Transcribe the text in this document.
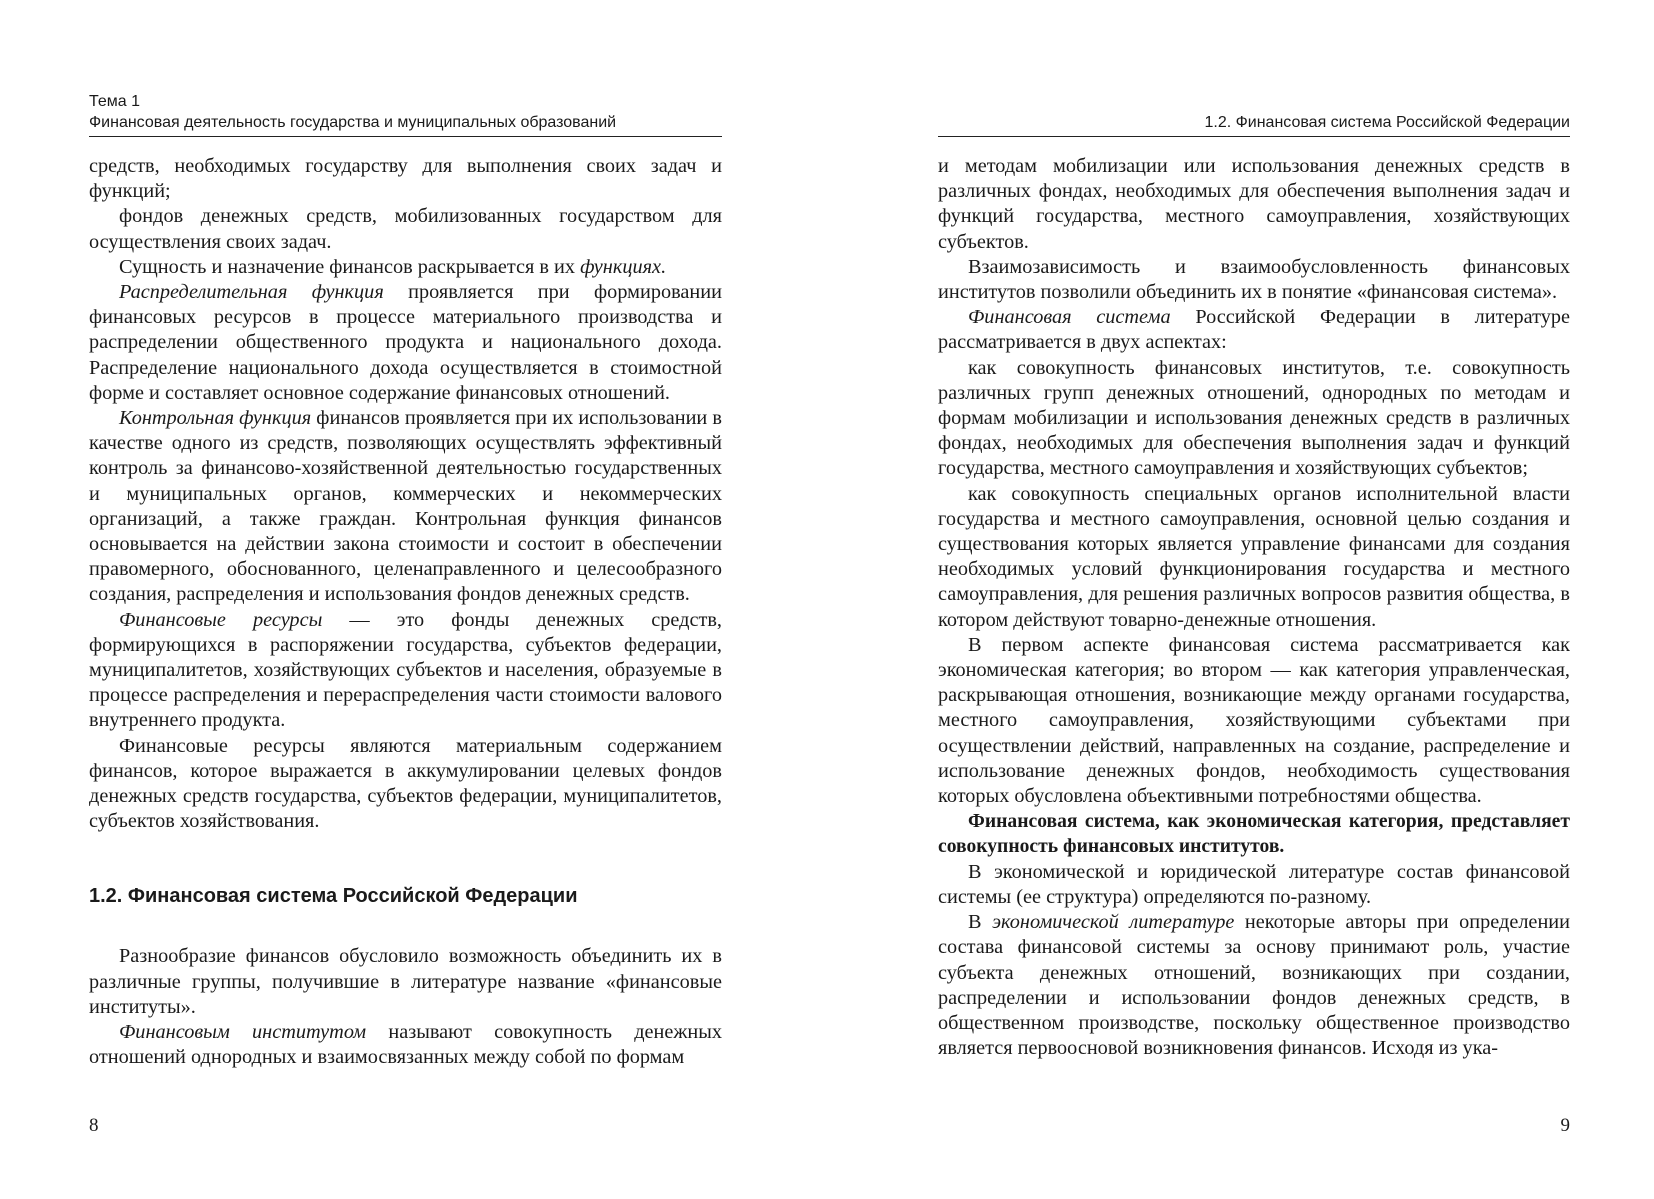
Тема 1
Финансовая деятельность государства и муниципальных образований

средств, необходимых государству для выполнения своих задач и функций;

фондов денежных средств, мобилизованных государством для осуществления своих задач.

Сущность и назначение финансов раскрывается в их функциях.

Распределительная функция проявляется при формировании финансовых ресурсов в процессе материального производства и распределении общественного продукта и национального дохода. Распределение национального дохода осуществляется в стоимостной форме и составляет основное содержание финансовых отношений.

Контрольная функция финансов проявляется при их использовании в качестве одного из средств, позволяющих осуществлять эффективный контроль за финансово-хозяйственной деятельностью государственных и муниципальных органов, коммерческих и некоммерческих организаций, а также граждан. Контрольная функция финансов основывается на действии закона стоимости и состоит в обеспечении правомерного, обоснованного, целенаправленного и целесообразного создания, распределения и использования фондов денежных средств.

Финансовые ресурсы — это фонды денежных средств, формирующихся в распоряжении государства, субъектов федерации, муниципалитетов, хозяйствующих субъектов и населения, образуемые в процессе распределения и перераспределения части стоимости валового внутреннего продукта.

Финансовые ресурсы являются материальным содержанием финансов, которое выражается в аккумулировании целевых фондов денежных средств государства, субъектов федерации, муниципалитетов, субъектов хозяйствования.

1.2. Финансовая система Российской Федерации

Разнообразие финансов обусловило возможность объединить их в различные группы, получившие в литературе название «финансовые институты».

Финансовым институтом называют совокупность денежных отношений однородных и взаимосвязанных между собой по формам

8
1.2. Финансовая система Российской Федерации

и методам мобилизации или использования денежных средств в различных фондах, необходимых для обеспечения выполнения задач и функций государства, местного самоуправления, хозяйствующих субъектов.

Взаимозависимость и взаимообусловленность финансовых институтов позволили объединить их в понятие «финансовая система».

Финансовая система Российской Федерации в литературе рассматривается в двух аспектах:

как совокупность финансовых институтов, т.е. совокупность различных групп денежных отношений, однородных по методам и формам мобилизации и использования денежных средств в различных фондах, необходимых для обеспечения выполнения задач и функций государства, местного самоуправления и хозяйствующих субъектов;

как совокупность специальных органов исполнительной власти государства и местного самоуправления, основной целью создания и существования которых является управление финансами для создания необходимых условий функционирования государства и местного самоуправления, для решения различных вопросов развития общества, в котором действуют товарно-денежные отношения.

В первом аспекте финансовая система рассматривается как экономическая категория; во втором — как категория управленческая, раскрывающая отношения, возникающие между органами государства, местного самоуправления, хозяйствующими субъектами при осуществлении действий, направленных на создание, распределение и использование денежных фондов, необходимость существования которых обусловлена объективными потребностями общества.

Финансовая система, как экономическая категория, представляет совокупность финансовых институтов.

В экономической и юридической литературе состав финансовой системы (ее структура) определяются по-разному.

В экономической литературе некоторые авторы при определении состава финансовой системы за основу принимают роль, участие субъекта денежных отношений, возникающих при создании, распределении и использовании фондов денежных средств, в общественном производстве, поскольку общественное производство является первоосновой возникновения финансов. Исходя из ука-

9
